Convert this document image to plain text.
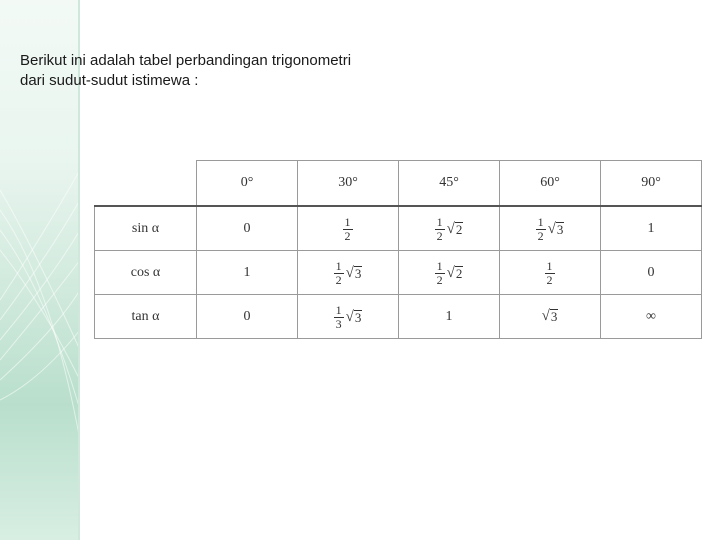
Berikut ini adalah tabel perbandingan trigonometri

dari sudut-sudut istimewa :

	0°	30°	45°	60°	90°
sin α	0	$\frac{1}{2}$	$\frac{1}{2}$ √ 2	$\frac{1}{2}$ √ 3	1
cos α	1	$\frac{1}{2}$ √ 3	$\frac{1}{2}$ √ 2	$\frac{1}{2}$	0
tan α	0	$\frac{1}{3}$ √ 3	1	√ 3	∞
